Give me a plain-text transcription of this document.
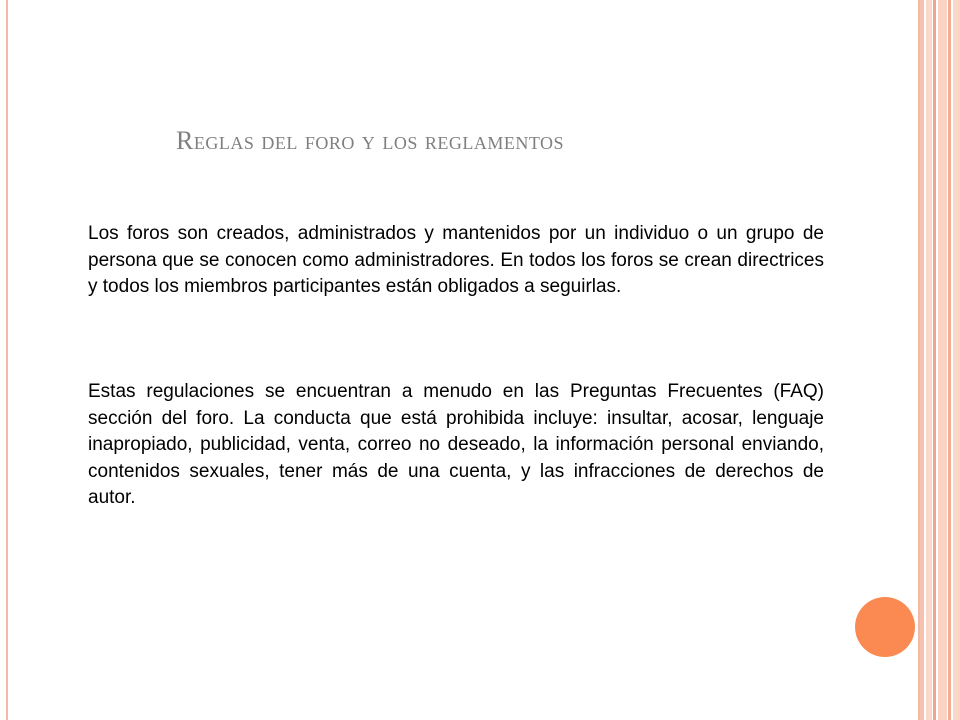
Reglas del foro y los reglamentos
Los foros son creados, administrados y mantenidos por un individuo o un grupo de persona que se conocen como administradores. En todos los foros se crean directrices y todos los miembros participantes están obligados a seguirlas.
Estas regulaciones se encuentran a menudo en las Preguntas Frecuentes (FAQ) sección del foro. La conducta que está prohibida incluye: insultar, acosar, lenguaje inapropiado, publicidad, venta, correo no deseado, la información personal enviando, contenidos sexuales, tener más de una cuenta, y las infracciones de derechos de autor.
